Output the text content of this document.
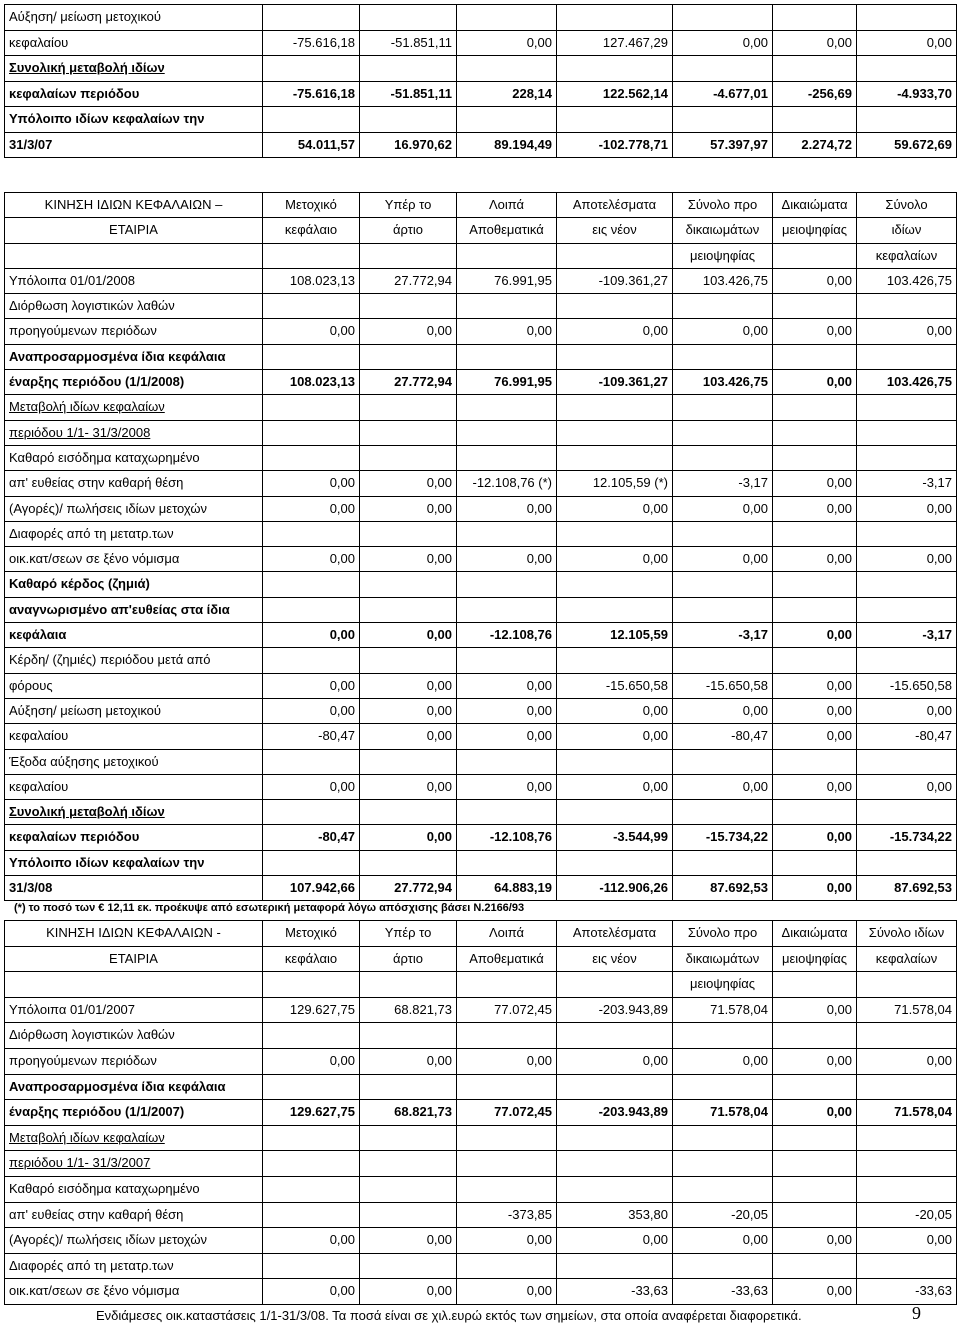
Αύξηση/ μείωση μετοχικού							
κεφαλαίου	-75.616,18	-51.851,11	0,00	127.467,29	0,00	0,00	0,00
Συνολική μεταβολή ιδίων							
κεφαλαίων περιόδου	-75.616,18	-51.851,11	228,14	122.562,14	-4.677,01	-256,69	-4.933,70
Υπόλοιπο ιδίων κεφαλαίων την							
31/3/07	54.011,57	16.970,62	89.194,49	-102.778,71	57.397,97	2.274,72	59.672,69
ΚΙΝΗΣΗ ΙΔΙΩΝ ΚΕΦΑΛΑΙΩΝ –	Μετοχικό	Υπέρ το	Λοιπά	Αποτελέσματα	Σύνολο προ	Δικαιώματα	Σύνολο
ΕΤΑΙΡΙΑ	κεφάλαιο	άρτιο	Αποθεματικά	εις νέον	δικαιωμάτων	μειοψηφίας	ιδίων
					μειοψηφίας		κεφαλαίων
Υπόλοιπα 01/01/2008	108.023,13	27.772,94	76.991,95	-109.361,27	103.426,75	0,00	103.426,75
Διόρθωση λογιστικών λαθών							
προηγούμενων περιόδων	0,00	0,00	0,00	0,00	0,00	0,00	0,00
Αναπροσαρμοσμένα ίδια κεφάλαια							
έναρξης περιόδου (1/1/2008)	108.023,13	27.772,94	76.991,95	-109.361,27	103.426,75	0,00	103.426,75
Μεταβολή ιδίων κεφαλαίων							
περιόδου 1/1- 31/3/2008							
Καθαρό εισόδημα καταχωρημένο							
απ' ευθείας στην καθαρή θέση	0,00	0,00	-12.108,76 (*)	12.105,59 (*)	-3,17	0,00	-3,17
(Αγορές)/ πωλήσεις ιδίων μετοχών	0,00	0,00	0,00	0,00	0,00	0,00	0,00
Διαφορές από τη μετατρ.των							
οικ.κατ/σεων σε ξένο νόμισμα	0,00	0,00	0,00	0,00	0,00	0,00	0,00
Καθαρό κέρδος (ζημιά)							
αναγνωρισμένο απ'ευθείας στα ίδια							
κεφάλαια	0,00	0,00	-12.108,76	12.105,59	-3,17	0,00	-3,17
Κέρδη/ (ζημιές) περιόδου μετά από							
φόρους	0,00	0,00	0,00	-15.650,58	-15.650,58	0,00	-15.650,58
Αύξηση/ μείωση μετοχικού	0,00	0,00	0,00	0,00	0,00	0,00	0,00
κεφαλαίου	-80,47	0,00	0,00	0,00	-80,47	0,00	-80,47
Έξοδα αύξησης μετοχικού							
κεφαλαίου	0,00	0,00	0,00	0,00	0,00	0,00	0,00
Συνολική μεταβολή ιδίων							
κεφαλαίων περιόδου	-80,47	0,00	-12.108,76	-3.544,99	-15.734,22	0,00	-15.734,22
Υπόλοιπο ιδίων κεφαλαίων την							
31/3/08	107.942,66	27.772,94	64.883,19	-112.906,26	87.692,53	0,00	87.692,53
(*) το ποσό των € 12,11 εκ. προέκυψε από εσωτερική μεταφορά λόγω απόσχισης βάσει Ν.2166/93
ΚΙΝΗΣΗ ΙΔΙΩΝ ΚΕΦΑΛΑΙΩΝ -	Μετοχικό	Υπέρ το	Λοιπά	Αποτελέσματα	Σύνολο προ	Δικαιώματα	Σύνολο ιδίων
ΕΤΑΙΡΙΑ	κεφάλαιο	άρτιο	Αποθεματικά	εις νέον	δικαιωμάτων	μειοψηφίας	κεφαλαίων
					μειοψηφίας		
Υπόλοιπα 01/01/2007	129.627,75	68.821,73	77.072,45	-203.943,89	71.578,04	0,00	71.578,04
Διόρθωση λογιστικών λαθών							
προηγούμενων περιόδων	0,00	0,00	0,00	0,00	0,00	0,00	0,00
Αναπροσαρμοσμένα ίδια κεφάλαια							
έναρξης περιόδου (1/1/2007)	129.627,75	68.821,73	77.072,45	-203.943,89	71.578,04	0,00	71.578,04
Μεταβολή ιδίων κεφαλαίων							
περιόδου 1/1- 31/3/2007							
Καθαρό εισόδημα καταχωρημένο							
απ' ευθείας στην καθαρή θέση			-373,85	353,80	-20,05		-20,05
(Αγορές)/ πωλήσεις ιδίων μετοχών	0,00	0,00	0,00	0,00	0,00	0,00	0,00
Διαφορές από τη μετατρ.των							
οικ.κατ/σεων σε ξένο νόμισμα	0,00	0,00	0,00	-33,63	-33,63	0,00	-33,63
Ενδιάμεσες οικ.καταστάσεις 1/1-31/3/08. Τα ποσά είναι σε χιλ.ευρώ εκτός των σημείων, στα οποία αναφέρεται διαφορετικά.	9
